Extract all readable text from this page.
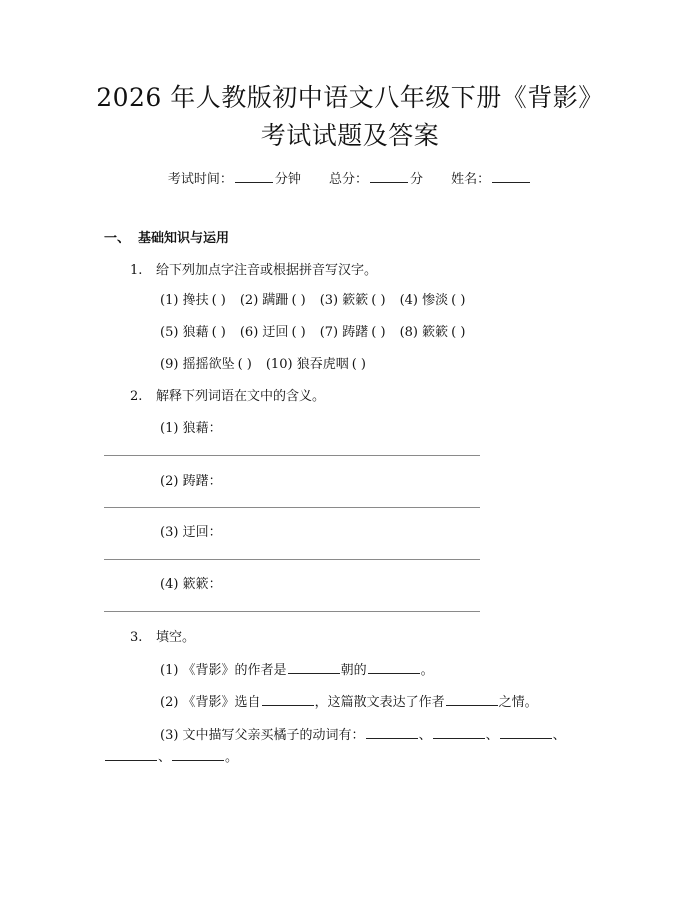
2026 年人教版初中语文八年级下册《背影》
考试试题及答案
考试时间：	分钟 总分：	分 姓名：
一、 基础知识与运用
1. 给下列加点字注音或根据拼音写汉字。
(1) 搀扶 ( ) (2) 蹒跚 ( ) (3) 簌簌 ( ) (4) 惨淡 ( )
(5) 狼藉 ( ) (6) 迂回 ( ) (7) 踌躇 ( ) (8) 簌簌 ( )
(9) 摇摇欲坠 ( ) (10) 狼吞虎咽 ( )
2. 解释下列词语在文中的含义。
(1) 狼藉：
(2) 踌躇：
(3) 迂回：
(4) 簌簌：
3. 填空。
(1) 《背影》的作者是	朝的	。
(2) 《背影》选自	，这篇散文表达了作者	之情。
(3) 文中描写父亲买橘子的动词有：	、	、	、
、	。
